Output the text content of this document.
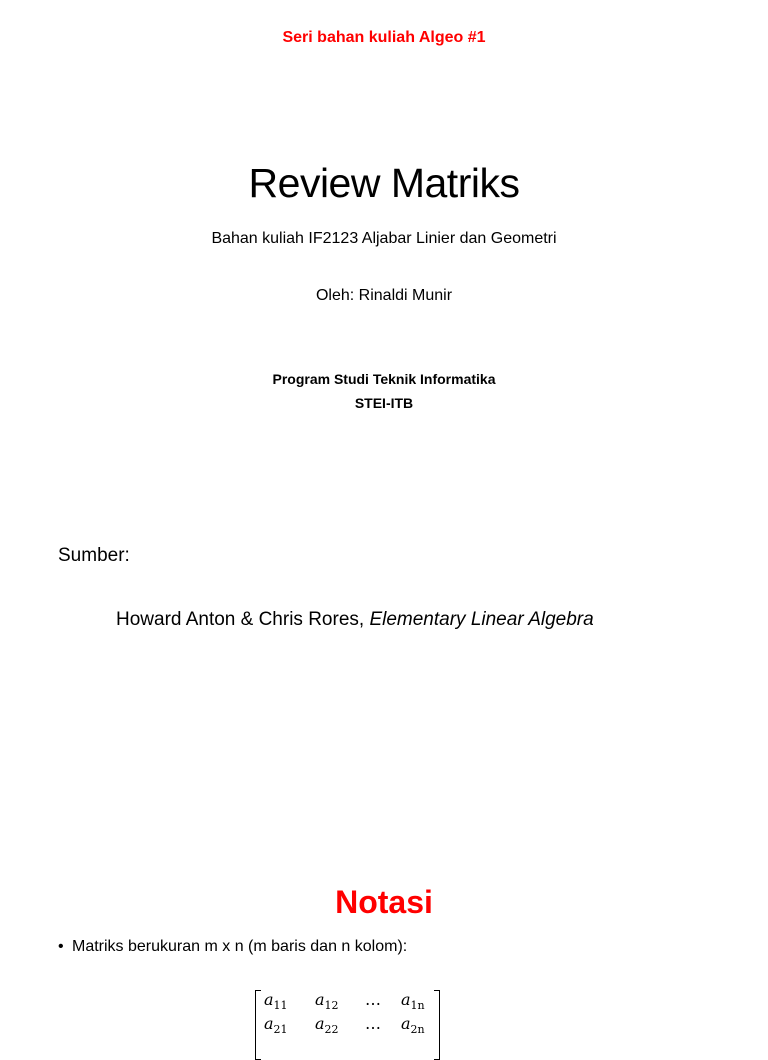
Seri bahan kuliah Algeo #1
Review Matriks
Bahan kuliah IF2123 Aljabar Linier dan Geometri
Oleh: Rinaldi Munir
Program Studi Teknik Informatika
STEI-ITB
Sumber:
Howard Anton & Chris Rores, Elementary Linear Algebra
Notasi
• Matriks berukuran m x n (m baris dan n kolom):
$a_{11}$ $a_{12}$ … $a_{1n}$
$a_{21}$ $a_{22}$ … $a_{2n}$
